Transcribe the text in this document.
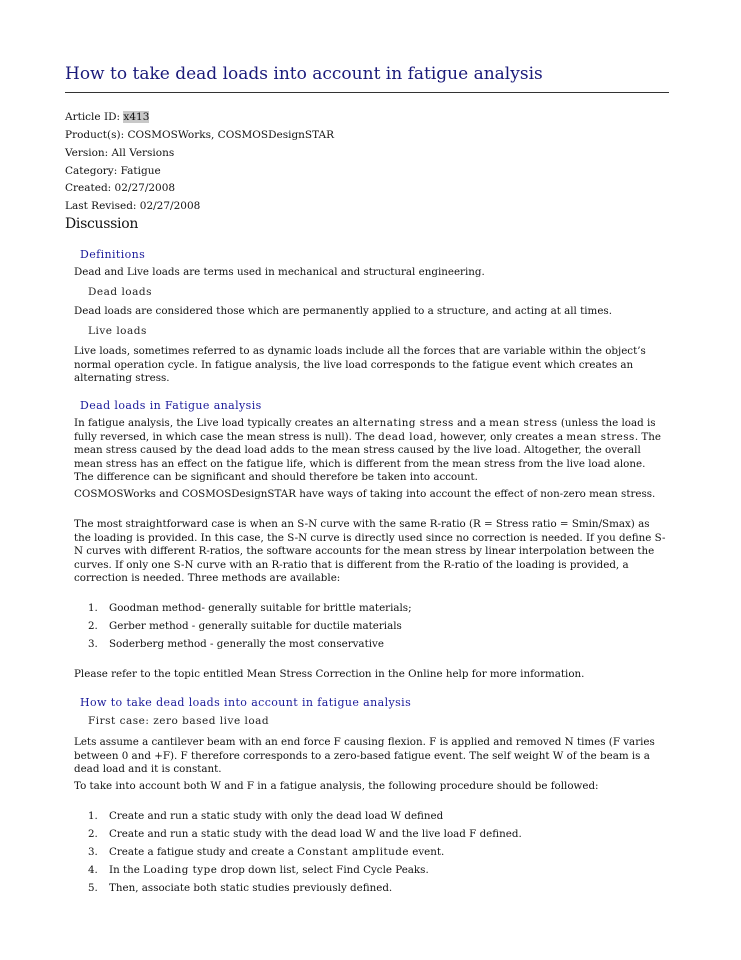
How to take dead loads into account in fatigue analysis
Article ID: x413
Product(s): COSMOSWorks, COSMOSDesignSTAR
Version: All Versions
Category: Fatigue
Created: 02/27/2008
Last Revised: 02/27/2008
Discussion
Definitions

Dead and Live loads are terms used in mechanical and structural engineering.

Dead loads

Dead loads are considered those which are permanently applied to a structure, and acting at all times.

Live loads

Live loads, sometimes referred to as dynamic loads include all the forces that are variable within the object’s normal operation cycle. In fatigue analysis, the live load corresponds to the fatigue event which creates an alternating stress.

Dead loads in Fatigue analysis

In fatigue analysis, the Live load typically creates an alternating stress and a mean stress (unless the load is fully reversed, in which case the mean stress is null). The dead load, however, only creates a mean stress. The mean stress caused by the dead load adds to the mean stress caused by the live load. Altogether, the overall mean stress has an effect on the fatigue life, which is different from the mean stress from the live load alone. The difference can be significant and should therefore be taken into account.

COSMOSWorks and COSMOSDesignSTAR have ways of taking into account the effect of non-zero mean stress.

The most straightforward case is when an S-N curve with the same R-ratio (R = Stress ratio = Smin/Smax) as the loading is provided. In this case, the S-N curve is directly used since no correction is needed. If you define S-N curves with different R-ratios, the software accounts for the mean stress by linear interpolation between the curves. If only one S-N curve with an R-ratio that is different from the R-ratio of the loading is provided, a correction is needed. Three methods are available:

1.	Goodman method- generally suitable for brittle materials;
2.	Gerber method - generally suitable for ductile materials
3.	Soderberg method - generally the most conservative

Please refer to the topic entitled Mean Stress Correction in the Online help for more information.

How to take dead loads into account in fatigue analysis
First case: zero based live load

Lets assume a cantilever beam with an end force F causing flexion. F is applied and removed N times (F varies between 0 and +F). F therefore corresponds to a zero-based fatigue event. The self weight W of the beam is a dead load and it is constant.

To take into account both W and F in a fatigue analysis, the following procedure should be followed:

1.	Create and run a static study with only the dead load W defined
2.	Create and run a static study with the dead load W and the live load F defined.
3.	Create a fatigue study and create a Constant amplitude event.
4.	In the Loading type drop down list, select Find Cycle Peaks.
5.	Then, associate both static studies previously defined.
